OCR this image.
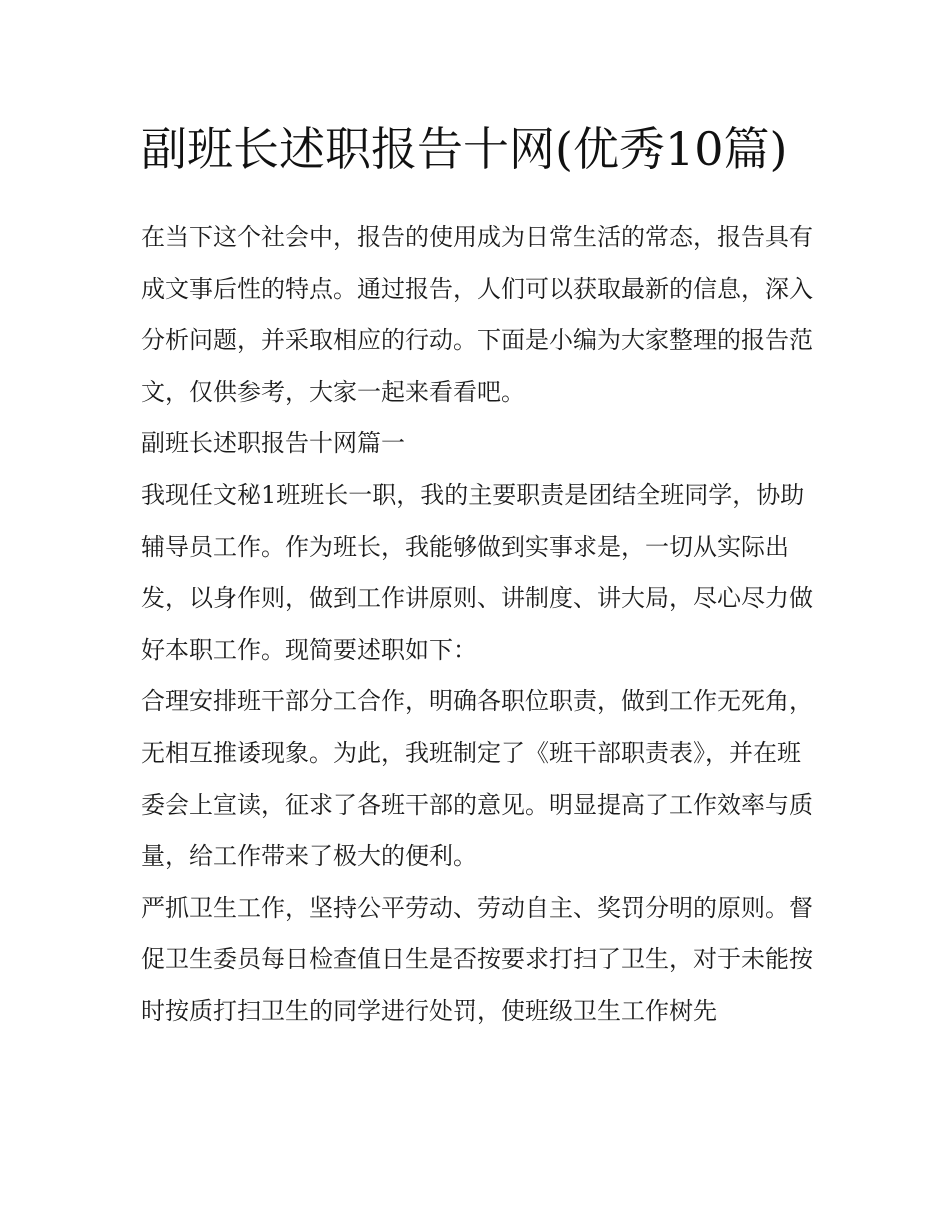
副班长述职报告十网(优秀10篇)

在当下这个社会中，报告的使用成为日常生活的常态，报告具有成文事后性的特点。通过报告，人们可以获取最新的信息，深入分析问题，并采取相应的行动。下面是小编为大家整理的报告范文，仅供参考，大家一起来看看吧。

副班长述职报告十网篇一

我现任文秘1班班长一职，我的主要职责是团结全班同学，协助辅导员工作。作为班长，我能够做到实事求是，一切从实际出发，以身作则，做到工作讲原则、讲制度、讲大局，尽心尽力做好本职工作。现简要述职如下：

合理安排班干部分工合作，明确各职位职责，做到工作无死角，无相互推诿现象。为此，我班制定了《班干部职责表》，并在班委会上宣读，征求了各班干部的意见。明显提高了工作效率与质量，给工作带来了极大的便利。

严抓卫生工作，坚持公平劳动、劳动自主、奖罚分明的原则。督促卫生委员每日检查值日生是否按要求打扫了卫生，对于未能按时按质打扫卫生的同学进行处罚，使班级卫生工作树先
